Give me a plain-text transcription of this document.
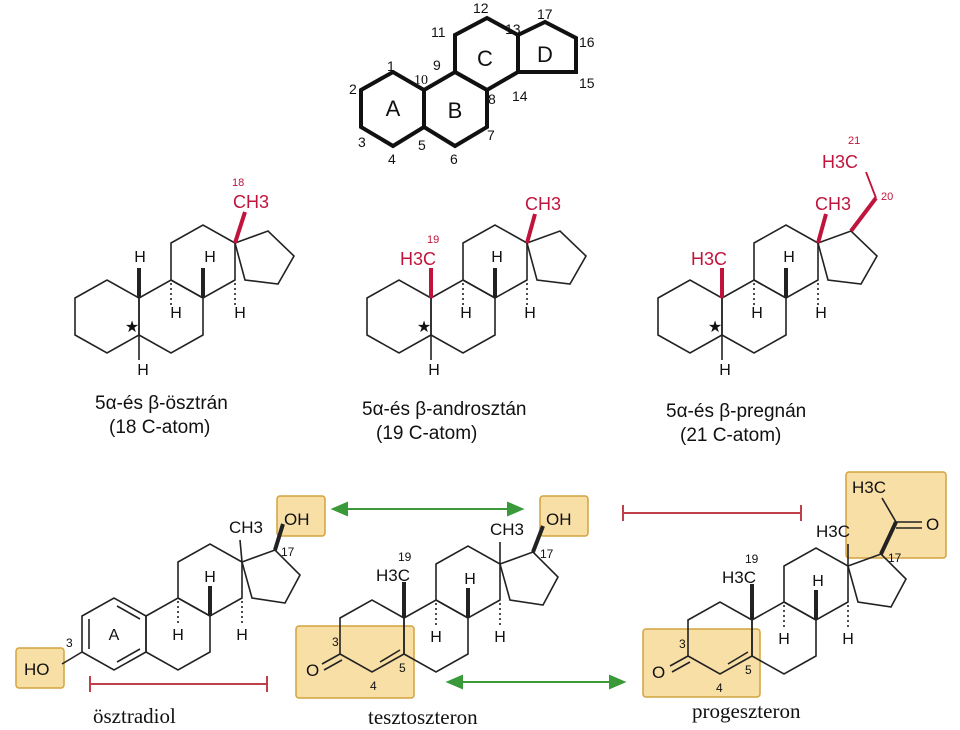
A B
C D
1
2
3
4
5
6
7
8
9
10
11
12
13
14
15
16
17
H	H
H	H
H
★
18
CH3
H
H	H
H
★
19
H3C
CH3
H
H	H
H
★
21
20
H3C
CH3
H3C
H
H	H
A
CH3 OH
HO
17
3
H
H	H
CH3
OH
H3C
O
17
19
3
4
5
H
H	H
H3C
O
H3C
H3C
O
17
19
3
4
5
5α-és β-ösztrán
(18 C-atom)
5α-és β-androsztán
(19 C-atom)
5α-és β-pregnán
(21 C-atom)
ösztradiol	tesztoszteron	progeszteron
